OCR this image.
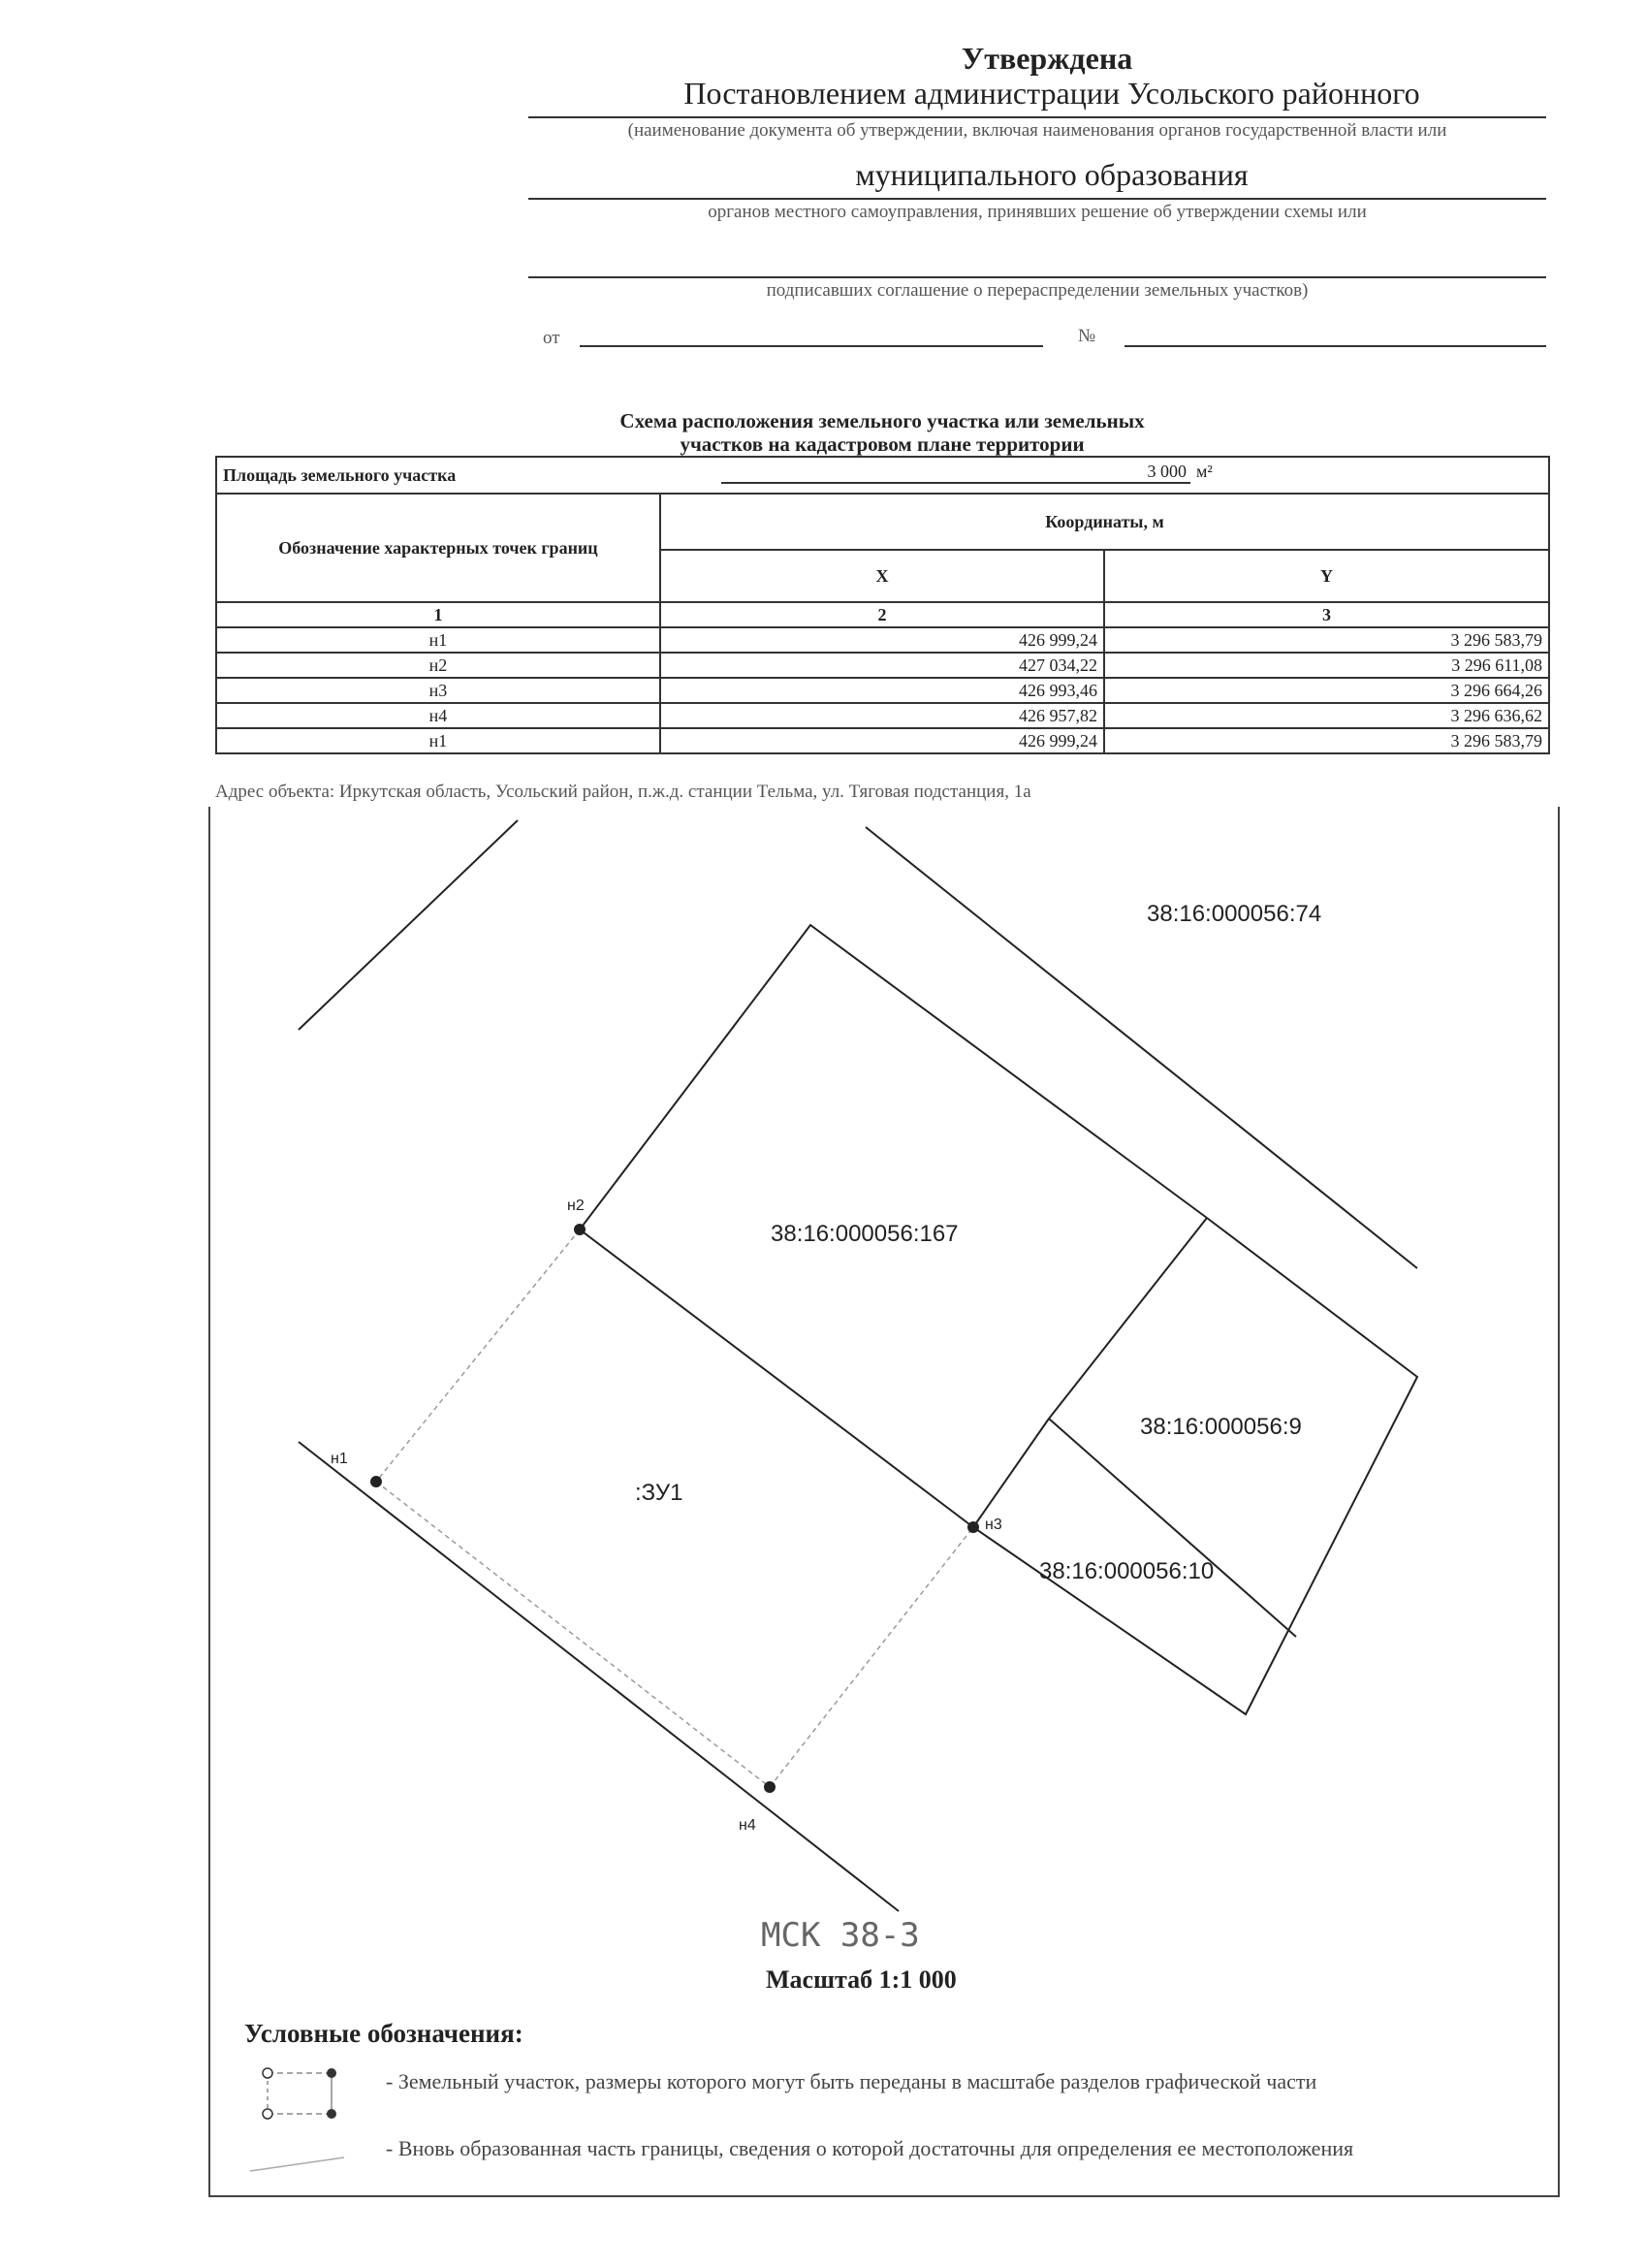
Утверждена
Постановлением администрации Усольского районного
(наименование документа об утверждении, включая наименования органов государственной власти или
муниципального образования
органов местного самоуправления, принявших решение об утверждении схемы или
подписавших соглашение о перераспределении земельных участков)
от	№
Схема расположения земельного участка или земельных
участков на кадастровом плане территории
Площадь земельного участка 3 000 м²		

Обозначение характерных точек границ	Координаты, м	
	X	Y
1	2	3
н1	426 999,24	3 296 583,79
н2	427 034,22	3 296 611,08
н3	426 993,46	3 296 664,26
н4	426 957,82	3 296 636,62
н1	426 999,24	3 296 583,79
Адрес объекта: Иркутская область, Усольский район, п.ж.д. станции Тельма, ул. Тяговая подстанция, 1а
38:16:000056:74
38:16:000056:167
38:16:000056:9
38:16:000056:10
:ЗУ1
н1
н2
н3
н4
МСК 38-3
Масштаб 1:1 000
Условные обозначения:
- Земельный участок, размеры которого могут быть переданы в масштабе разделов графической части
- Вновь образованная часть границы, сведения о которой достаточны для определения ее местоположения
